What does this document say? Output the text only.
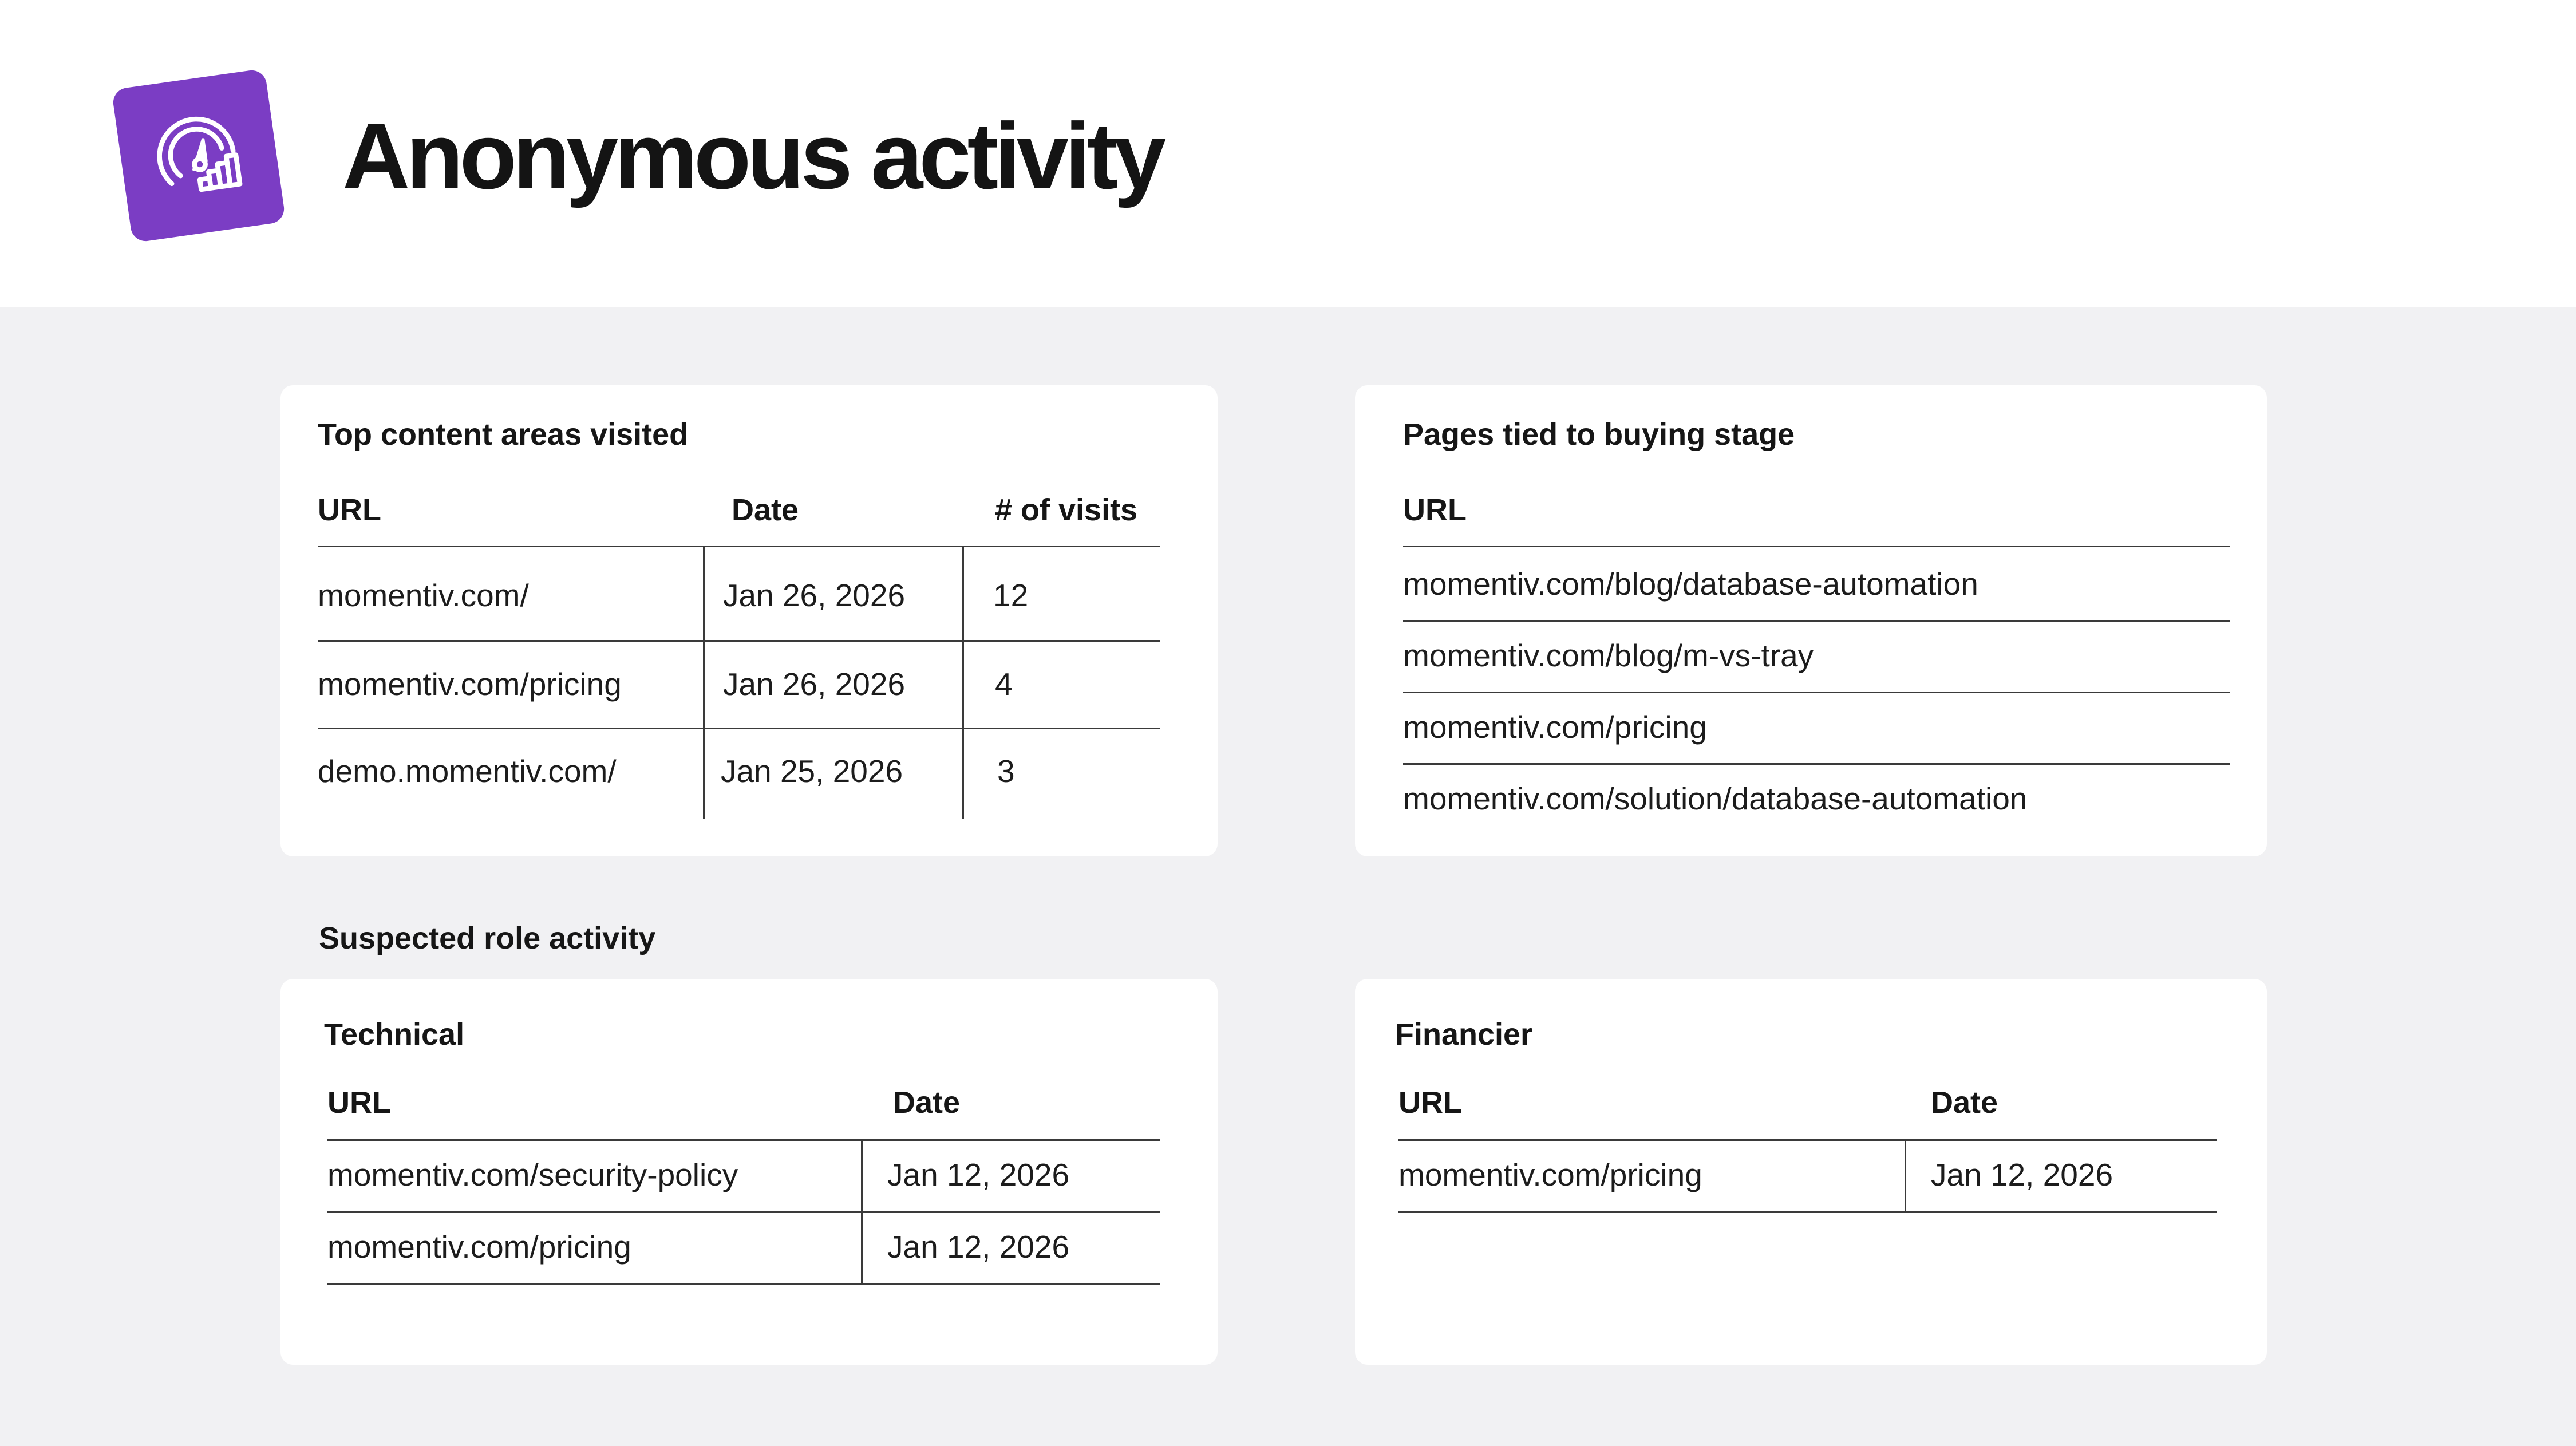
Anonymous activity
Top content areas visited
URL	Date	# of visits
momentiv.com/	Jan 26, 2026	12
momentiv.com/pricing	Jan 26, 2026	4
demo.momentiv.com/	Jan 25, 2026	3
Pages tied to buying stage
URL
momentiv.com/blog/database-automation
momentiv.com/blog/m-vs-tray
momentiv.com/pricing
momentiv.com/solution/database-automation
Suspected role activity
Technical
URL	Date
momentiv.com/security-policy	Jan 12, 2026
momentiv.com/pricing	Jan 12, 2026
Financier
URL	Date
momentiv.com/pricing	Jan 12, 2026
